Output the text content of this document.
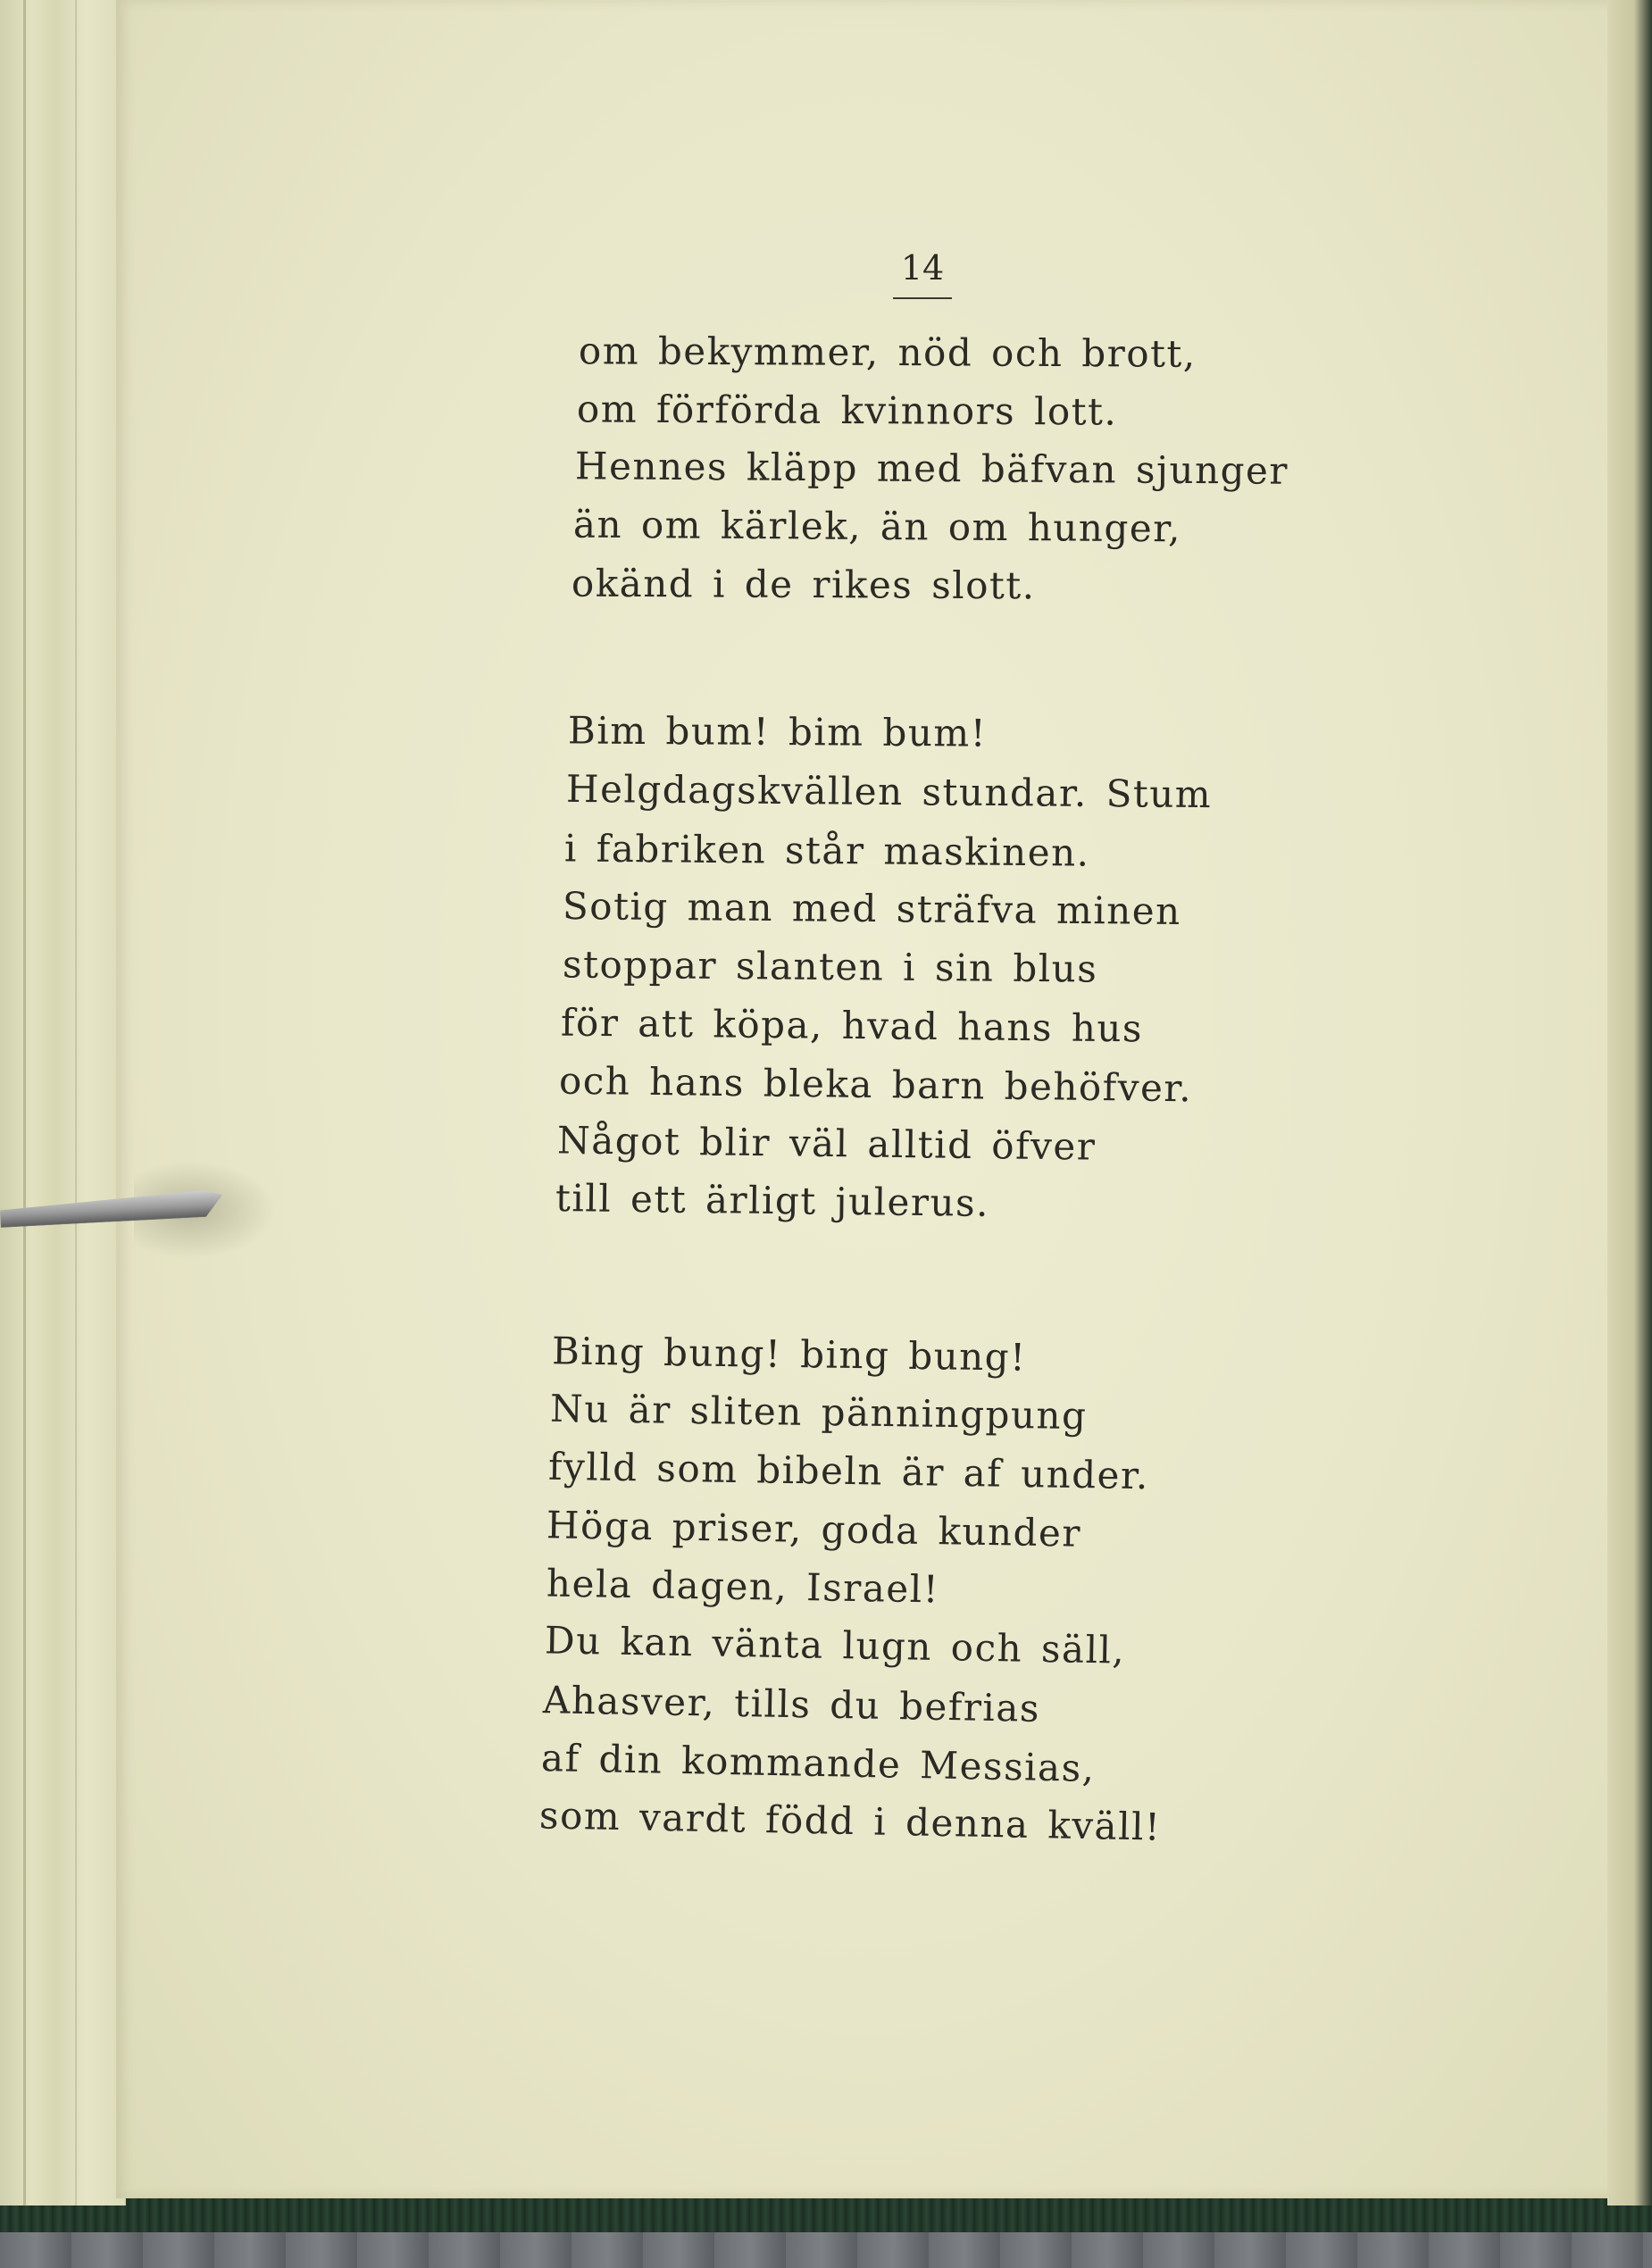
14
om bekymmer, nöd och brott,
om förförda kvinnors lott.
Hennes kläpp med bäfvan sjunger
än om kärlek, än om hunger,
okänd i de rikes slott.
Bim bum! bim bum!
Helgdagskvällen stundar. Stum
i fabriken står maskinen.
Sotig man med sträfva minen
stoppar slanten i sin blus
för att köpa, hvad hans hus
och hans bleka barn behöfver.
Något blir väl alltid öfver
till ett ärligt julerus.
Bing bung! bing bung!
Nu är sliten pänningpung
fylld som bibeln är af under.
Höga priser, goda kunder
hela dagen, Israel!
Du kan vänta lugn och säll,
Ahasver, tills du befrias
af din kommande Messias,
som vardt född i denna kväll!
